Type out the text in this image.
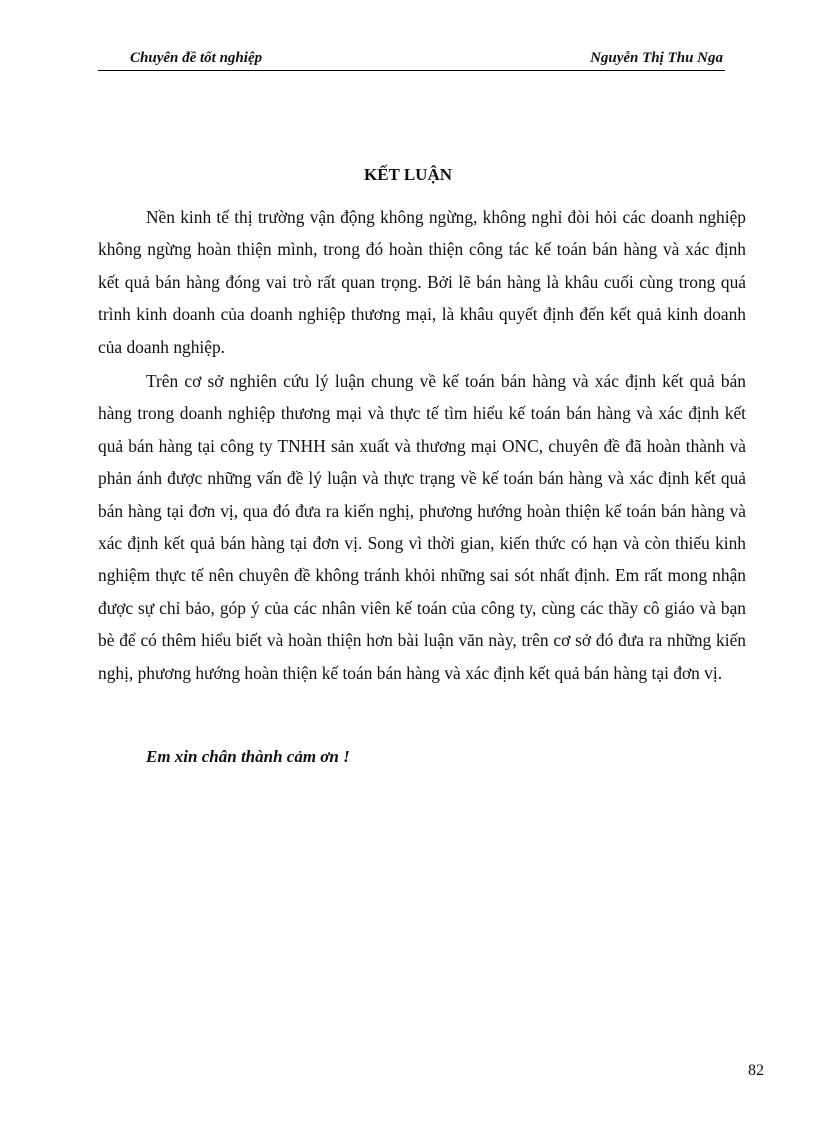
Chuyên đề tốt nghiệp	Nguyễn Thị Thu Nga
KẾT LUẬN

Nền kinh tế thị trường vận động không ngừng, không nghỉ đòi hỏi các doanh nghiệp không ngừng hoàn thiện mình, trong đó hoàn thiện công tác kế toán bán hàng và xác định kết quả bán hàng đóng vai trò rất quan trọng. Bởi lẽ bán hàng là khâu cuối cùng trong quá trình kinh doanh của doanh nghiệp thương mại, là khâu quyết định đến kết quả kinh doanh của doanh nghiệp.

Trên cơ sở nghiên cứu lý luận chung về kế toán bán hàng và xác định kết quả bán hàng trong doanh nghiệp thương mại và thực tế tìm hiểu kế toán bán hàng và xác định kết quả bán hàng tại công ty TNHH sản xuất và thương mại ONC, chuyên đề đã hoàn thành và phản ánh được những vấn đề lý luận và thực trạng về kế toán bán hàng và xác định kết quả bán hàng tại đơn vị, qua đó đưa ra kiến nghị, phương hướng hoàn thiện kế toán bán hàng và xác định kết quả bán hàng tại đơn vị. Song vì thời gian, kiến thức có hạn và còn thiếu kinh nghiệm thực tế nên chuyên đề không tránh khỏi những sai sót nhất định. Em rất mong nhận được sự chỉ bảo, góp ý của các nhân viên kế toán của công ty, cùng các thầy cô giáo và bạn bè để có thêm hiểu biết và hoàn thiện hơn bài luận văn này, trên cơ sở đó đưa ra những kiến nghị, phương hướng hoàn thiện kế toán bán hàng và xác định kết quả bán hàng tại đơn vị.

Em xin chân thành cảm ơn !
82
